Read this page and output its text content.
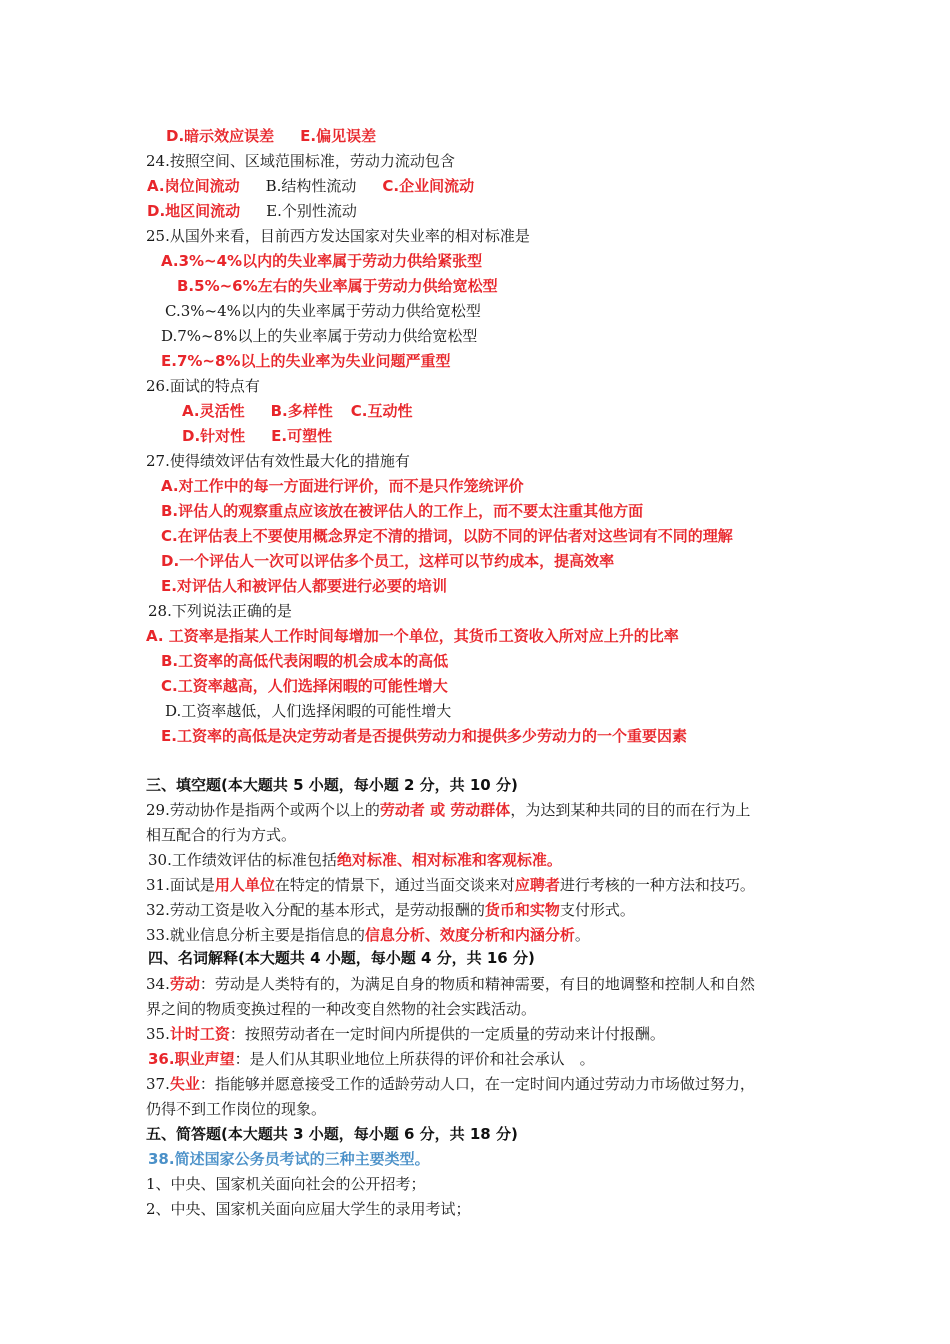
D.暗示效应误差 E.偏见误差
24.按照空间、区域范围标准，劳动力流动包含
A.岗位间流动 B.结构性流动 C.企业间流动
D.地区间流动 E.个别性流动
25.从国外来看，目前西方发达国家对失业率的相对标准是
A.3%~4%以内的失业率属于劳动力供给紧张型
B.5%~6%左右的失业率属于劳动力供给宽松型
C.3%~4%以内的失业率属于劳动力供给宽松型
D.7%~8%以上的失业率属于劳动力供给宽松型
E.7%~8%以上的失业率为失业问题严重型
26.面试的特点有
A.灵活性 B.多样性 C.互动性
D.针对性 E.可塑性
27.使得绩效评估有效性最大化的措施有
A.对工作中的每一方面进行评价，而不是只作笼统评价
B.评估人的观察重点应该放在被评估人的工作上，而不要太注重其他方面
C.在评估表上不要使用概念界定不清的措词，以防不同的评估者对这些词有不同的理解
D.一个评估人一次可以评估多个员工，这样可以节约成本，提高效率
E.对评估人和被评估人都要进行必要的培训
28.下列说法正确的是
A. 工资率是指某人工作时间每增加一个单位，其货币工资收入所对应上升的比率
B.工资率的高低代表闲暇的机会成本的高低
C.工资率越高，人们选择闲暇的可能性增大
D.工资率越低，人们选择闲暇的可能性增大
E.工资率的高低是决定劳动者是否提供劳动力和提供多少劳动力的一个重要因素
三、填空题(本大题共 5 小题，每小题 2 分，共 10 分)
29.劳动协作是指两个或两个以上的劳动者 或 劳动群体，为达到某种共同的目的而在行为上
相互配合的行为方式。
30.工作绩效评估的标准包括绝对标准、相对标准和客观标准。
31.面试是用人单位在特定的情景下，通过当面交谈来对应聘者进行考核的一种方法和技巧。
32.劳动工资是收入分配的基本形式，是劳动报酬的货币和实物支付形式。
33.就业信息分析主要是指信息的信息分析、效度分析和内涵分析。
四、名词解释(本大题共 4 小题，每小题 4 分，共 16 分)
34.劳动：劳动是人类特有的，为满足自身的物质和精神需要，有目的地调整和控制人和自然
界之间的物质变换过程的一种改变自然物的社会实践活动。
35.计时工资：按照劳动者在一定时间内所提供的一定质量的劳动来计付报酬。
36.职业声望：是人们从其职业地位上所获得的评价和社会承认　。
37.失业：指能够并愿意接受工作的适龄劳动人口，在一定时间内通过劳动力市场做过努力，
仍得不到工作岗位的现象。
五、简答题(本大题共 3 小题，每小题 6 分，共 18 分)
38.简述国家公务员考试的三种主要类型。
1、中央、国家机关面向社会的公开招考；
2、中央、国家机关面向应届大学生的录用考试；
